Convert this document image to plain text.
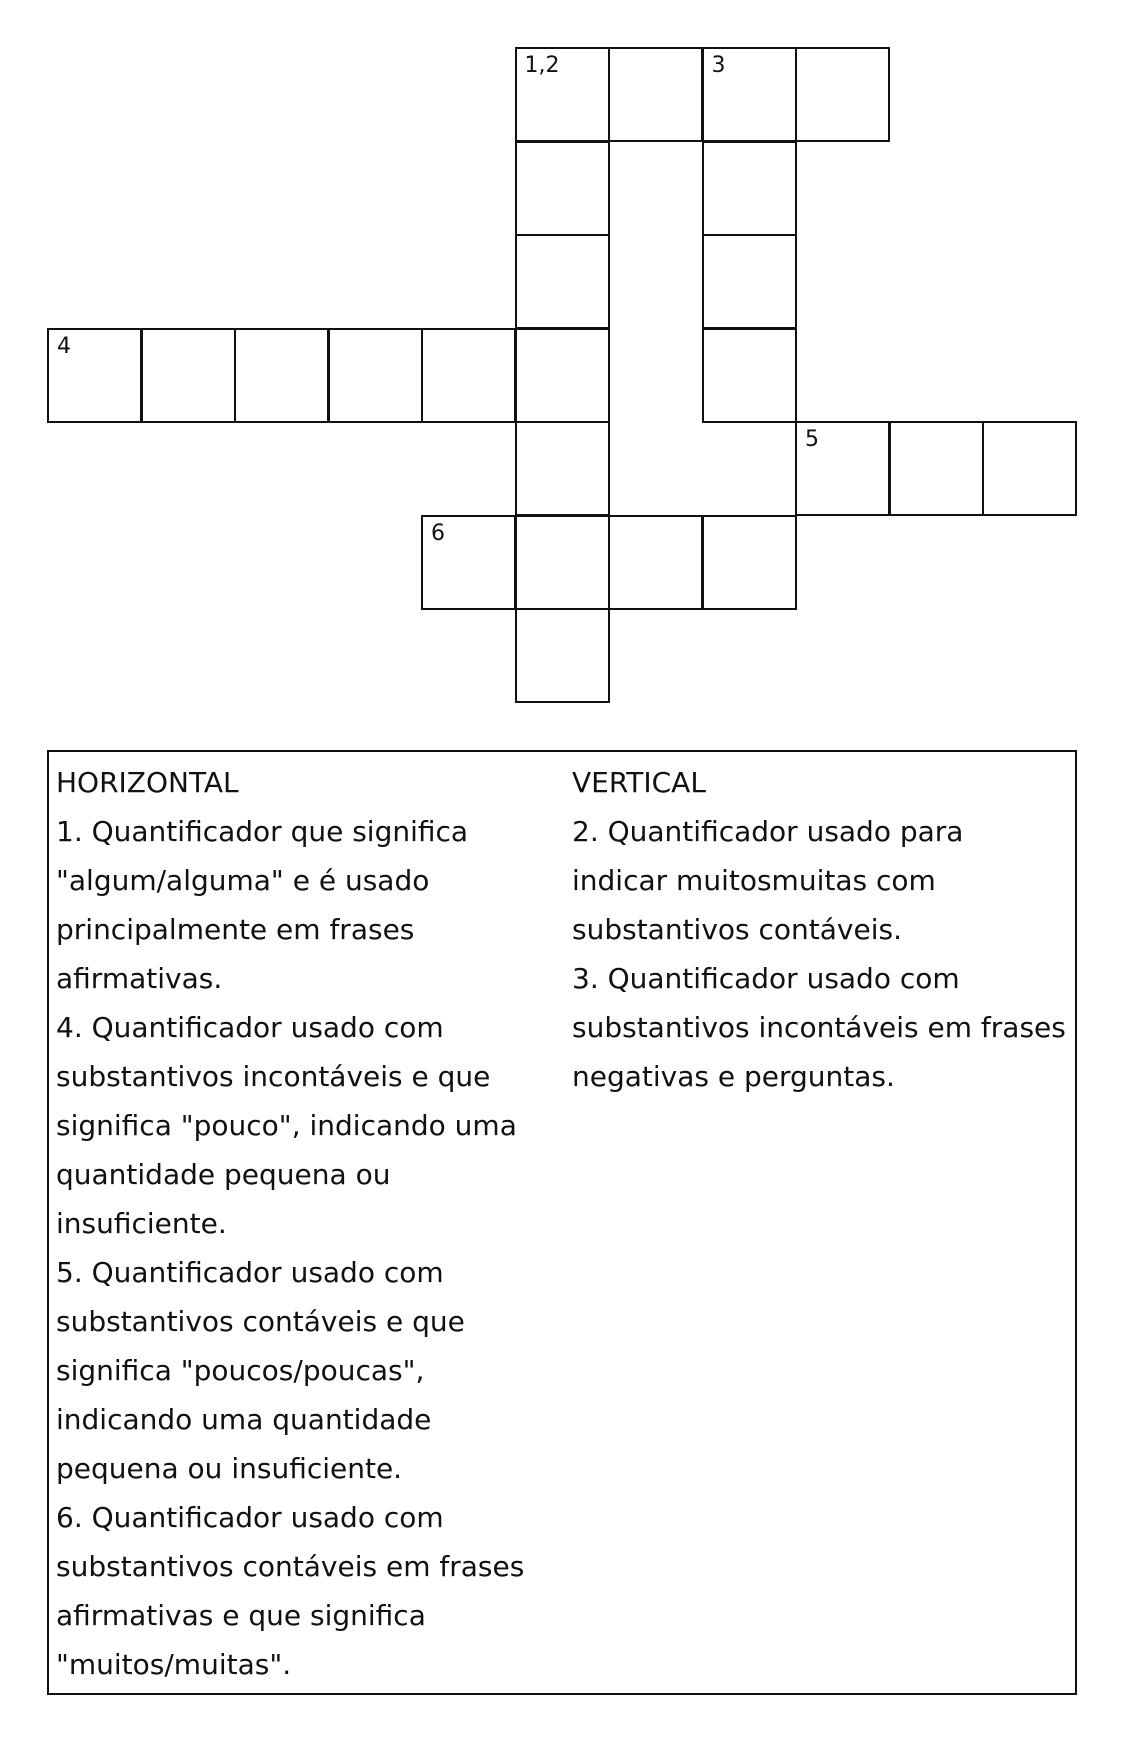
1,2	3
4
5
6
HORIZONTAL

1. Quantificador que significa "algum/alguma" e é usado principalmente em frases afirmativas.

4. Quantificador usado com substantivos incontáveis e que significa "pouco", indicando uma quantidade pequena ou insuficiente.

5. Quantificador usado com substantivos contáveis e que significa "poucos/poucas", indicando uma quantidade pequena ou insuficiente.

6. Quantificador usado com substantivos contáveis em frases afirmativas e que significa "muitos/muitas".

VERTICAL

2. Quantificador usado para indicar muitosmuitas com substantivos contáveis.

3. Quantificador usado com substantivos incontáveis em frases negativas e perguntas.
